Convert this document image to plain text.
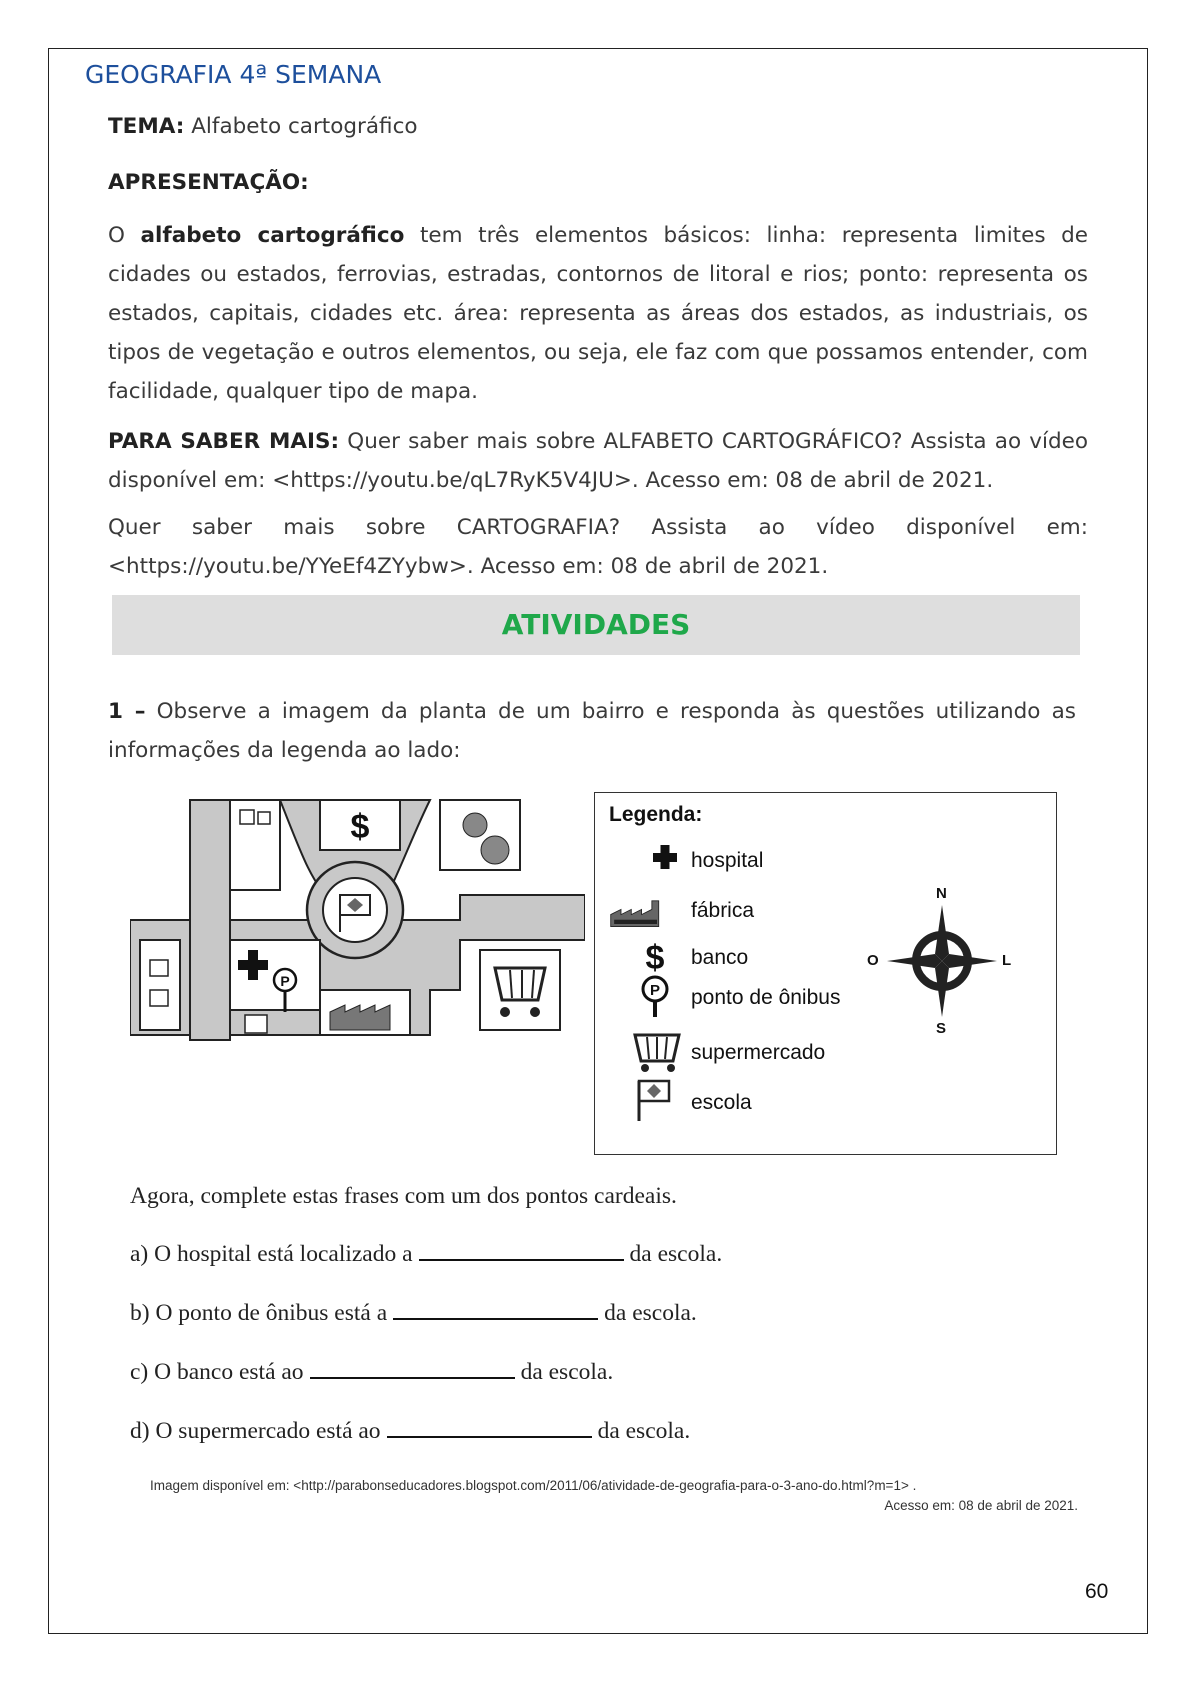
GEOGRAFIA 4ª SEMANA
TEMA: Alfabeto cartográfico
APRESENTAÇÃO:
O alfabeto cartográfico tem três elementos básicos: linha: representa limites de cidades ou estados, ferrovias, estradas, contornos de litoral e rios; ponto: representa os estados, capitais, cidades etc. área: representa as áreas dos estados, as industriais, os tipos de vegetação e outros elementos, ou seja, ele faz com que possamos entender, com facilidade, qualquer tipo de mapa.
PARA SABER MAIS: Quer saber mais sobre ALFABETO CARTOGRÁFICO? Assista ao vídeo disponível em: <https://youtu.be/qL7RyK5V4JU>. Acesso em: 08 de abril de 2021.
Quer saber mais sobre CARTOGRAFIA? Assista ao vídeo disponível em: <https://youtu.be/YYeEf4ZYybw>. Acesso em: 08 de abril de 2021.
ATIVIDADES
1 – Observe a imagem da planta de um bairro e responda às questões utilizando as informações da legenda ao lado:
$
P
Legenda:
hospital
fábrica
$ banco
P ponto de ônibus
supermercado
escola
N
S
O	L
Agora, complete estas frases com um dos pontos cardeais.
a) O hospital está localizado a	da escola.
b) O ponto de ônibus está a	da escola.
c) O banco está ao	da escola.
d) O supermercado está ao	da escola.
Imagem disponível em: <http://parabonseducadores.blogspot.com/2011/06/atividade-de-geografia-para-o-3-ano-do.html?m=1> .
Acesso em: 08 de abril de 2021.
60
